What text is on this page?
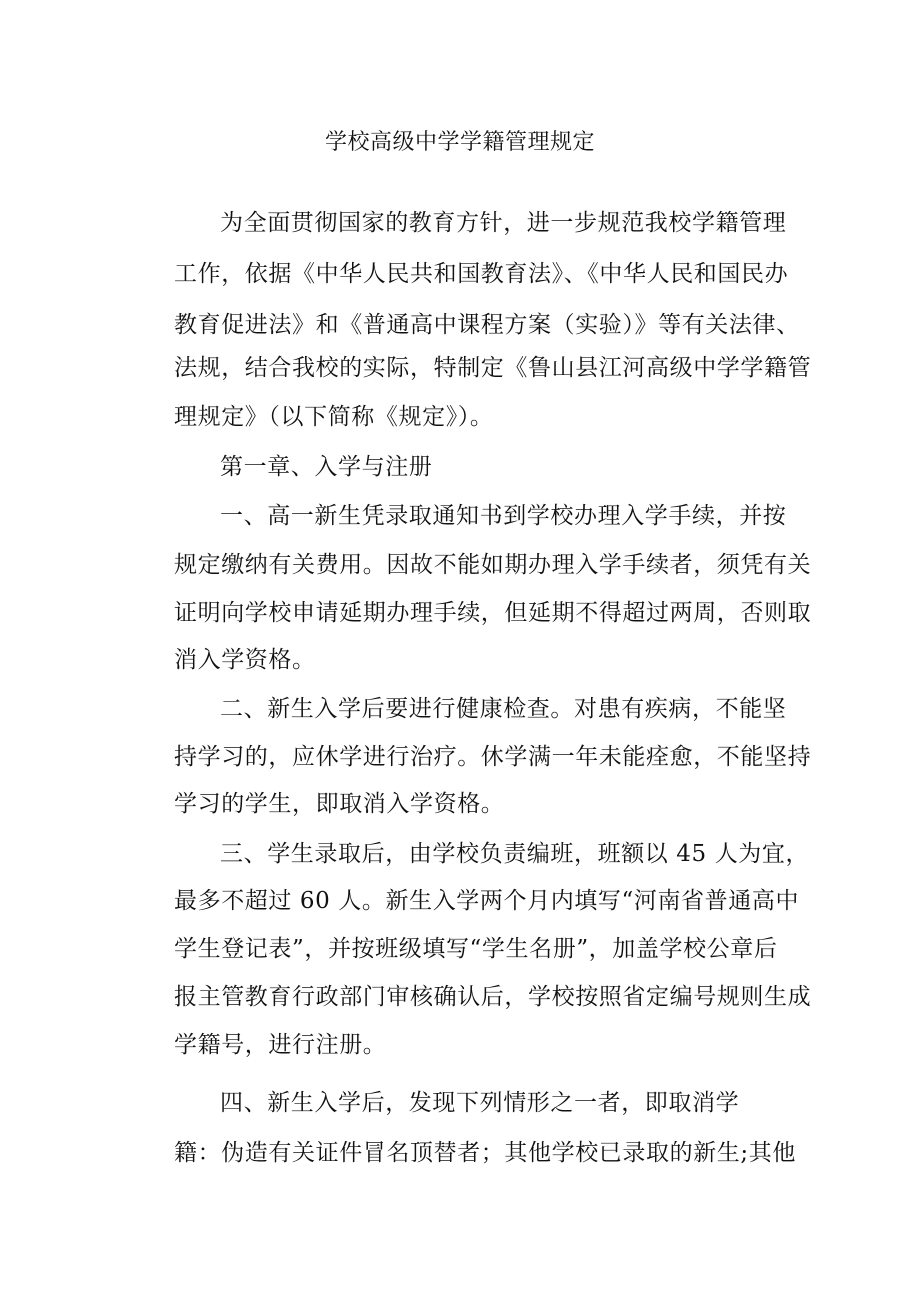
学校高级中学学籍管理规定
为全面贯彻国家的教育方针，进一步规范我校学籍管理
工作，依据《中华人民共和国教育法》、《中华人民和国民办
教育促进法》和《普通高中课程方案（实验）》等有关法律、
法规，结合我校的实际，特制定《鲁山县江河高级中学学籍管
理规定》（以下简称《规定》）。
第一章、入学与注册
一、高一新生凭录取通知书到学校办理入学手续，并按
规定缴纳有关费用。因故不能如期办理入学手续者，须凭有关
证明向学校申请延期办理手续，但延期不得超过两周，否则取
消入学资格。
二、新生入学后要进行健康检查。对患有疾病，不能坚
持学习的，应休学进行治疗。休学满一年未能痊愈，不能坚持
学习的学生，即取消入学资格。
三、学生录取后，由学校负责编班，班额以 45 人为宜，
最多不超过 60 人。新生入学两个月内填写“河南省普通高中
学生登记表”，并按班级填写“学生名册”，加盖学校公章后
报主管教育行政部门审核确认后，学校按照省定编号规则生成
学籍号，进行注册。
四、新生入学后，发现下列情形之一者，即取消学
籍：伪造有关证件冒名顶替者；其他学校已录取的新生;其他
